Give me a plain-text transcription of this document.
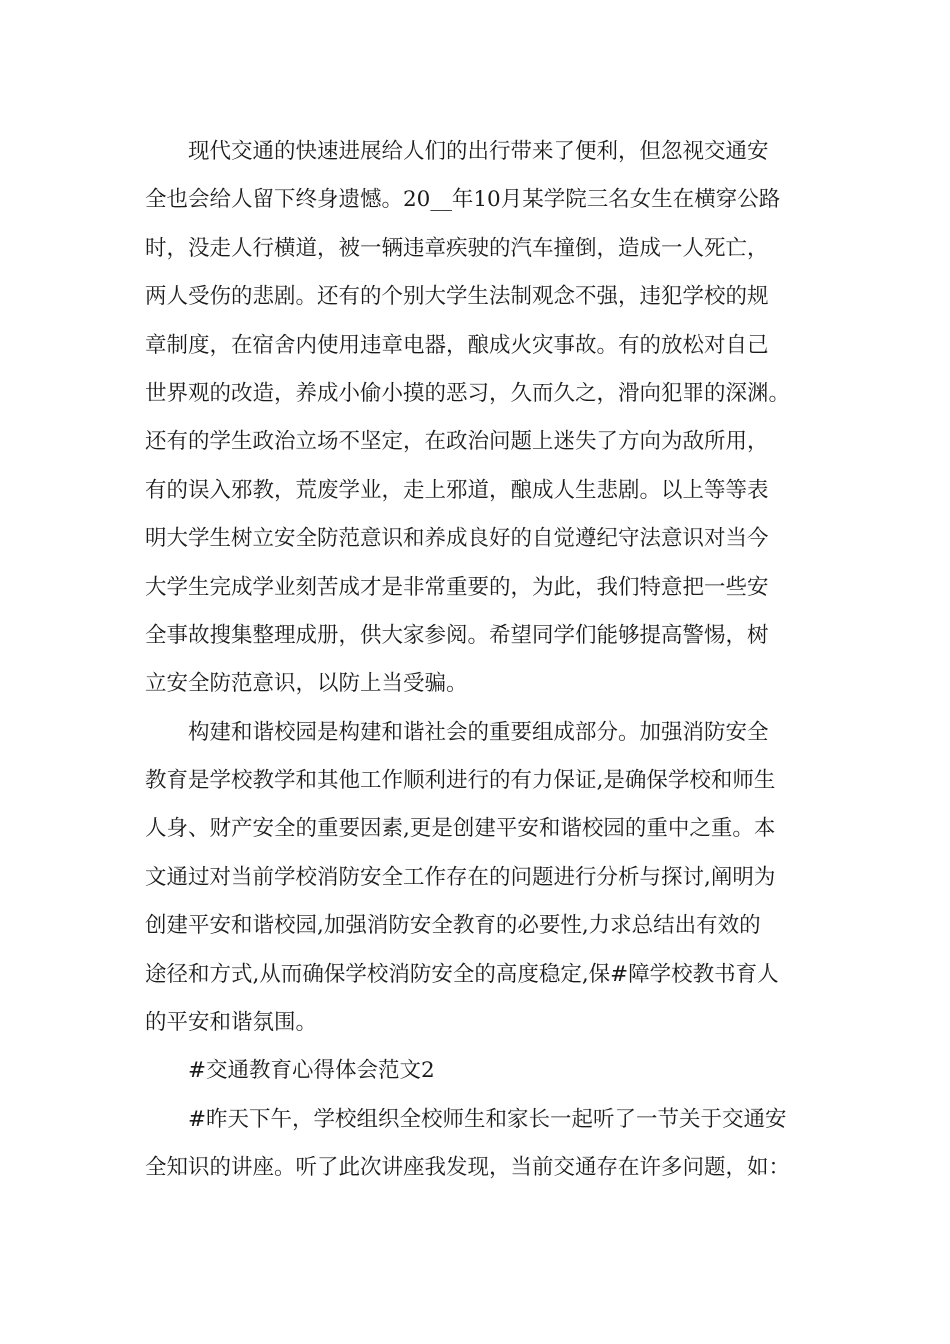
现代交通的快速进展给人们的出行带来了便利，但忽视交通安
全也会给人留下终身遗憾。20__年10月某学院三名女生在横穿公路
时，没走人行横道，被一辆违章疾驶的汽车撞倒，造成一人死亡，
两人受伤的悲剧。还有的个别大学生法制观念不强，违犯学校的规
章制度，在宿舍内使用违章电器，酿成火灾事故。有的放松对自己
世界观的改造，养成小偷小摸的恶习，久而久之，滑向犯罪的深渊。
还有的学生政治立场不坚定，在政治问题上迷失了方向为敌所用，
有的误入邪教，荒废学业，走上邪道，酿成人生悲剧。以上等等表
明大学生树立安全防范意识和养成良好的自觉遵纪守法意识对当今
大学生完成学业刻苦成才是非常重要的，为此，我们特意把一些安
全事故搜集整理成册，供大家参阅。希望同学们能够提高警惕，树
立安全防范意识，以防上当受骗。
构建和谐校园是构建和谐社会的重要组成部分。加强消防安全
教育是学校教学和其他工作顺利进行的有力保证,是确保学校和师生
人身、财产安全的重要因素,更是创建平安和谐校园的重中之重。本
文通过对当前学校消防安全工作存在的问题进行分析与探讨,阐明为
创建平安和谐校园,加强消防安全教育的必要性,力求总结出有效的
途径和方式,从而确保学校消防安全的高度稳定,保#障学校教书育人
的平安和谐氛围。
#交通教育心得体会范文2
#昨天下午，学校组织全校师生和家长一起听了一节关于交通安
全知识的讲座。听了此次讲座我发现，当前交通存在许多问题，如：
